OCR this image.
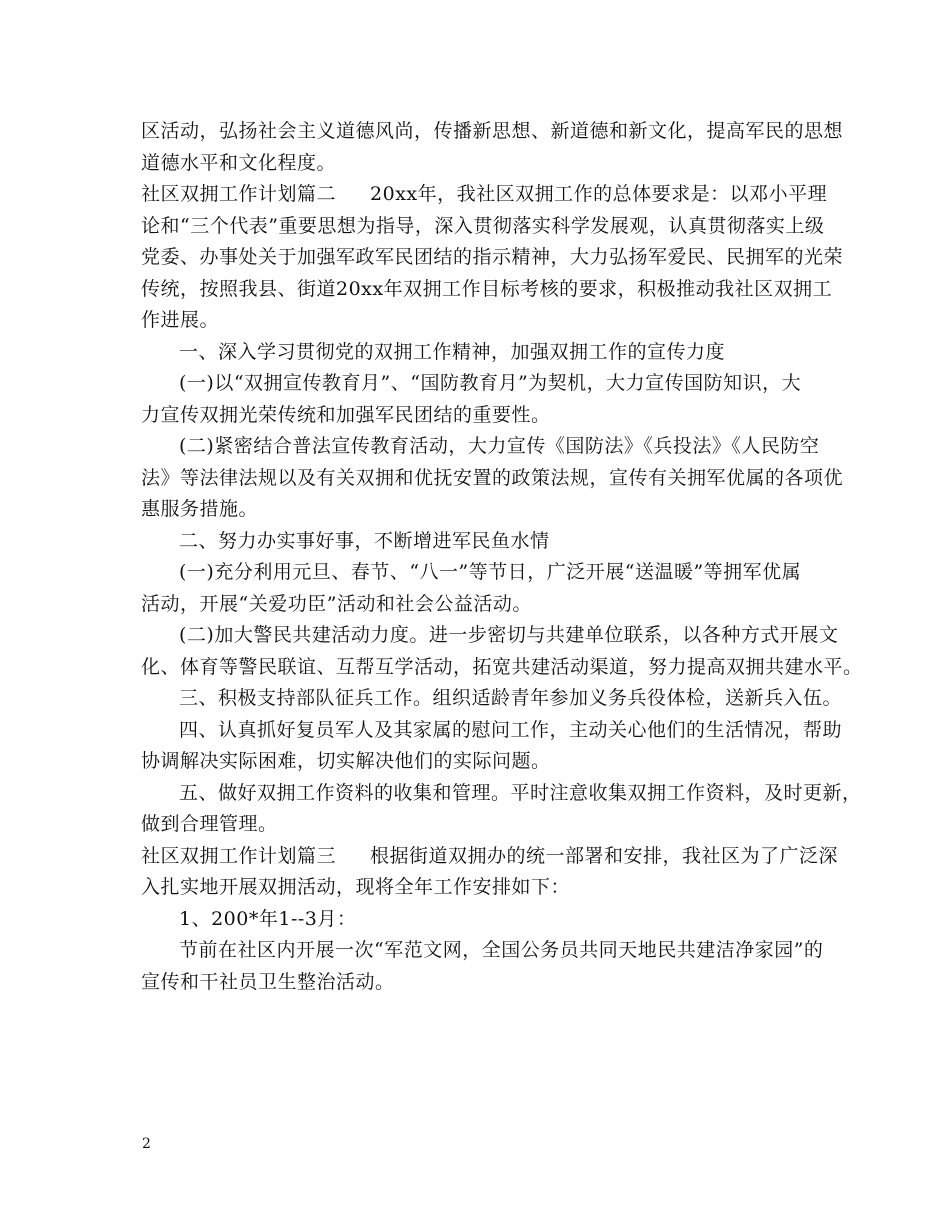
区活动，弘扬社会主义道德风尚，传播新思想、新道德和新文化，提高军民的思想
道德水平和文化程度。
社区双拥工作计划篇二 20xx年，我社区双拥工作的总体要求是：以邓小平理
论和“三个代表”重要思想为指导，深入贯彻落实科学发展观，认真贯彻落实上级
党委、办事处关于加强军政军民团结的指示精神，大力弘扬军爱民、民拥军的光荣
传统，按照我县、街道20xx年双拥工作目标考核的要求，积极推动我社区双拥工
作进展。
一、深入学习贯彻党的双拥工作精神，加强双拥工作的宣传力度
(一)以“双拥宣传教育月”、“国防教育月”为契机，大力宣传国防知识，大
力宣传双拥光荣传统和加强军民团结的重要性。
(二)紧密结合普法宣传教育活动，大力宣传《国防法》《兵投法》《人民防空
法》等法律法规以及有关双拥和优抚安置的政策法规，宣传有关拥军优属的各项优
惠服务措施。
二、努力办实事好事，不断增进军民鱼水情
(一)充分利用元旦、春节、“八一”等节日，广泛开展“送温暖”等拥军优属
活动，开展“关爱功臣”活动和社会公益活动。
(二)加大警民共建活动力度。进一步密切与共建单位联系，以各种方式开展文
化、体育等警民联谊、互帮互学活动，拓宽共建活动渠道，努力提高双拥共建水平。
三、积极支持部队征兵工作。组织适龄青年参加义务兵役体检，送新兵入伍。
四、认真抓好复员军人及其家属的慰问工作，主动关心他们的生活情况，帮助
协调解决实际困难，切实解决他们的实际问题。
五、做好双拥工作资料的收集和管理。平时注意收集双拥工作资料，及时更新，
做到合理管理。
社区双拥工作计划篇三 根据街道双拥办的统一部署和安排，我社区为了广泛深
入扎实地开展双拥活动，现将全年工作安排如下：
1、200*年1--3月：
节前在社区内开展一次“军范文网，全国公务员共同天地民共建洁净家园”的
宣传和干社员卫生整治活动。
2
